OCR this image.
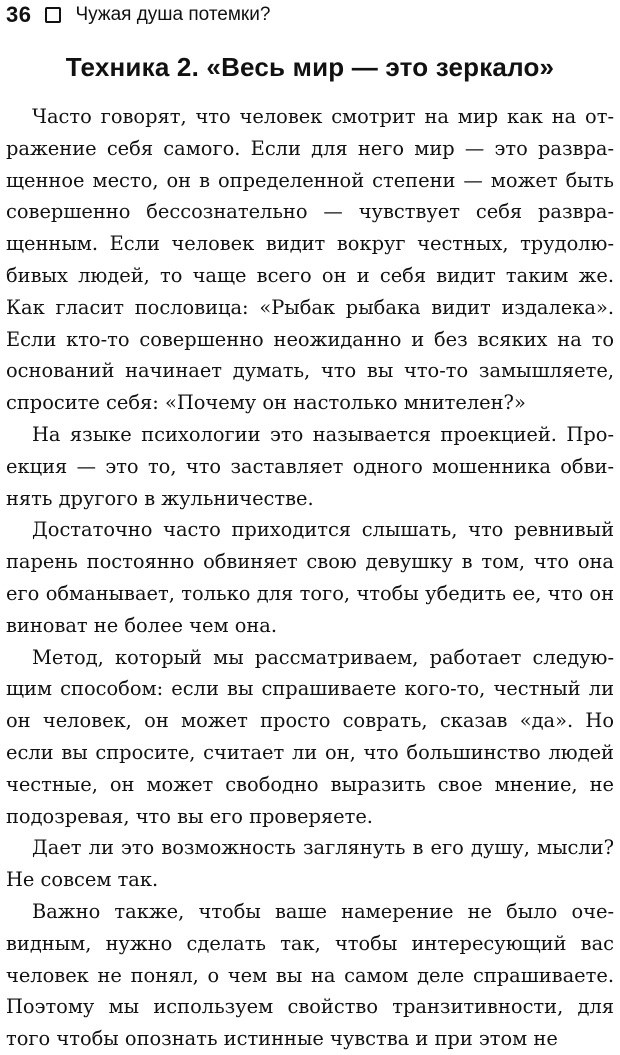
36 Чужая душа потемки?
Техника 2. «Весь мир — это зеркало»

Часто говорят, что человек смотрит на мир как на отражение себя самого. Если для него мир — это развращенное место, он в определенной степени — может быть совершенно бессознательно — чувствует себя развращенным. Если человек видит вокруг честных, трудолюбивых людей, то чаще всего он и себя видит таким же. Как гласит пословица: «Рыбак рыбака видит издалека». Если кто-то совершенно неожиданно и без всяких на то оснований начинает думать, что вы что-то замышляете, спросите себя: «Почему он настолько мнителен?»

На языке психологии это называется проекцией. Проекция — это то, что заставляет одного мошенника обвинять другого в жульничестве.

Достаточно часто приходится слышать, что ревнивый парень постоянно обвиняет свою девушку в том, что она его обманывает, только для того, чтобы убедить ее, что он виноват не более чем она.

Метод, который мы рассматриваем, работает следующим способом: если вы спрашиваете кого-то, честный ли он человек, он может просто соврать, сказав «да». Но если вы спросите, считает ли он, что большинство людей честные, он может свободно выразить свое мнение, не подозревая, что вы его проверяете.

Дает ли это возможность заглянуть в его душу, мысли? Не совсем так.

Важно также, чтобы ваше намерение не было очевидным, нужно сделать так, чтобы интересующий вас человек не понял, о чем вы на самом деле спрашиваете. Поэтому мы используем свойство транзитивности, для того чтобы опознать истинные чувства и при этом не
